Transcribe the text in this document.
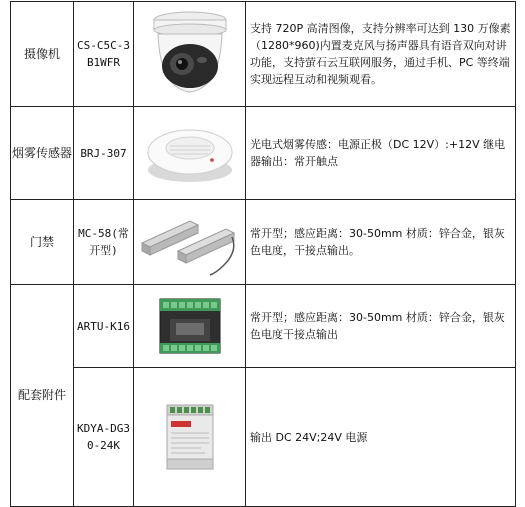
摄像机	CS-C5C-3B1WFR		支持 720P 高清图像，支持分辨率可达到 130 万像素（1280*960)内置麦克风与扬声器具有语音双向对讲功能，支持萤石云互联网服务，通过手机、PC 等终端实现远程互动和视频观看。

烟雾传感器	BRJ-307		光电式烟雾传感：电源正极（DC 12V）:+12V 继电器输出：常开触点

门禁	MC-58(常开型)		常开型；感应距离：30-50mm 材质：锌合金，银灰色电度，干接点输出。

配套附件	ARTU-K16		常开型；感应距离：30-50mm 材质：锌合金，银灰色电度干接点输出

	KDYA-DG30-24K		输出 DC 24V;24V 电源
